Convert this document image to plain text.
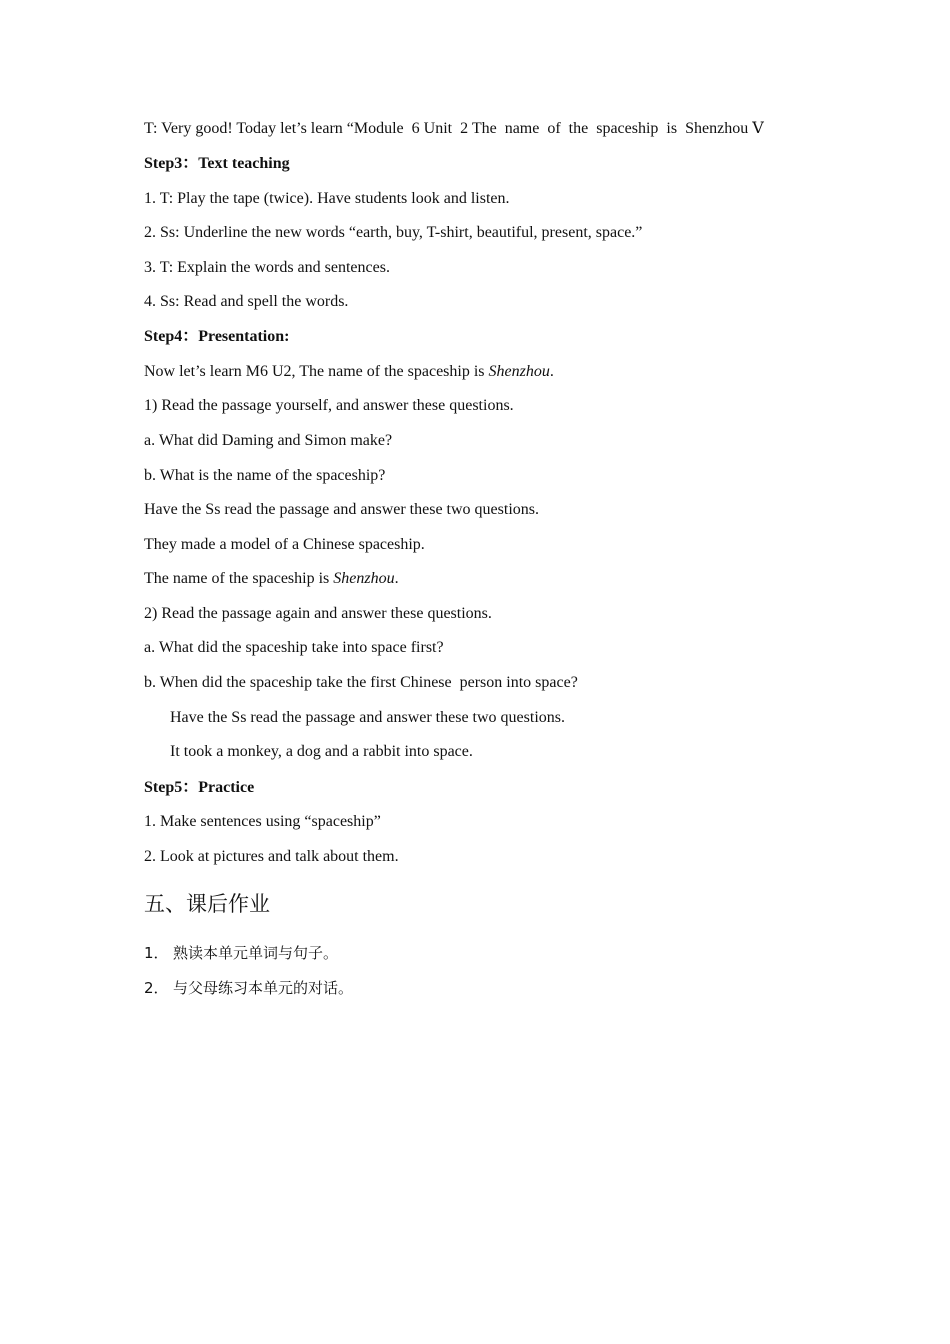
T: Very good! Today let’s learn “Module  6 Unit  2 The  name  of  the  spaceship  is  Shenzhou Ⅴ
Step3：Text teaching
1. T: Play the tape (twice). Have students look and listen.
2. Ss: Underline the new words “earth, buy, T-shirt, beautiful, present, space.”
3. T: Explain the words and sentences.
4. Ss: Read and spell the words.
Step4：Presentation:
Now let’s learn M6 U2, The name of the spaceship is Shenzhou.
1) Read the passage yourself, and answer these questions.
a. What did Daming and Simon make?
b. What is the name of the spaceship?
Have the Ss read the passage and answer these two questions.
They made a model of a Chinese spaceship.
The name of the spaceship is Shenzhou.
2) Read the passage again and answer these questions.
a. What did the spaceship take into space first?
b. When did the spaceship take the first Chinese  person into space?
Have the Ss read the passage and answer these two questions.
It took a monkey, a dog and a rabbit into space.
Step5：Practice
1. Make sentences using “spaceship”
2. Look at pictures and talk about them.
五、课后作业
1． 熟读本单元单词与句子。
2． 与父母练习本单元的对话。
